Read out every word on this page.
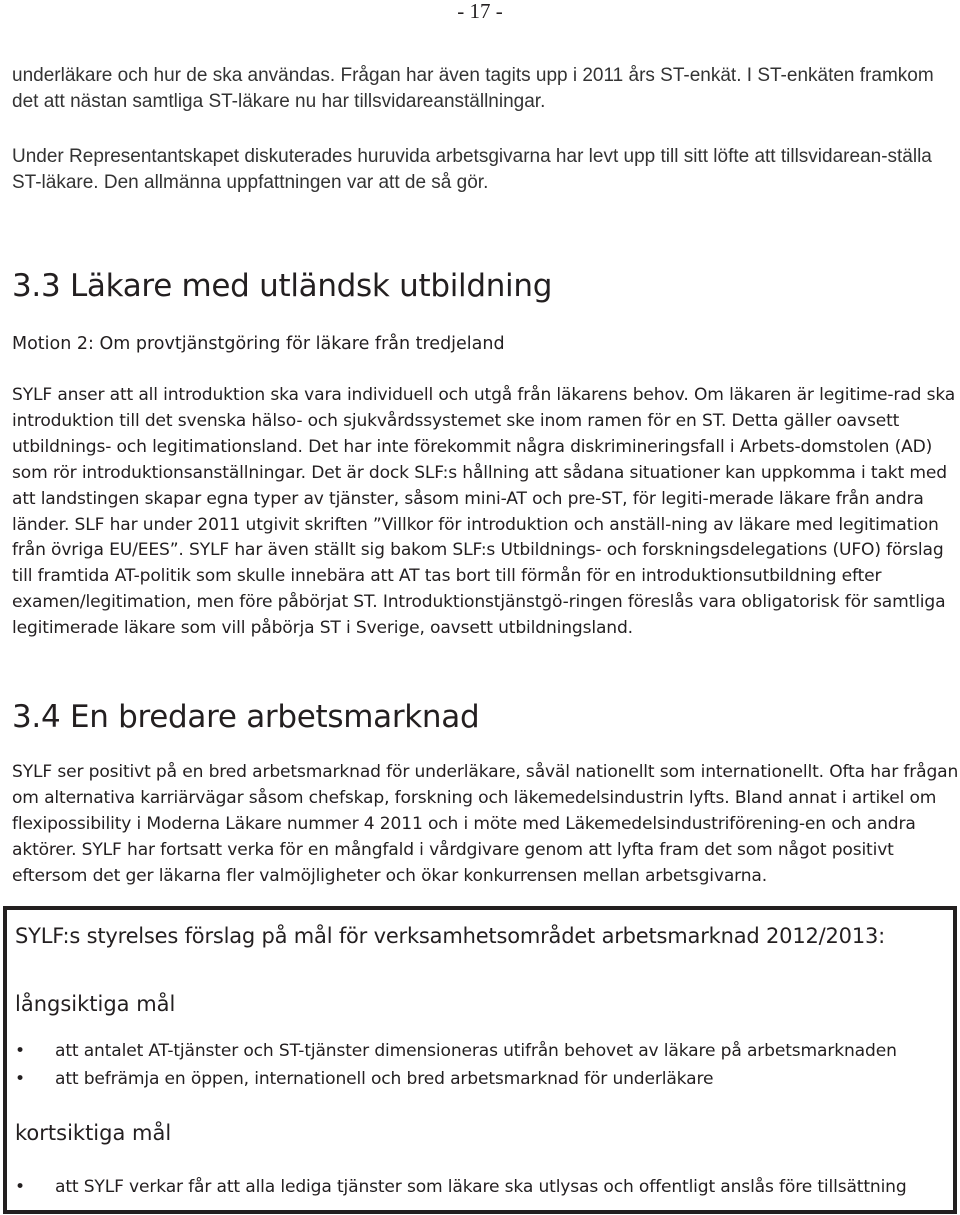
- 17 -

underläkare och hur de ska användas. Frågan har även tagits upp i 2011 års ST-enkät. I ST-enkäten framkom det att nästan samtliga ST-läkare nu har tillsvidareanställningar.

Under Representantskapet diskuterades huruvida arbetsgivarna har levt upp till sitt löfte att tillsvidarean-ställa ST-läkare. Den allmänna uppfattningen var att de så gör.

3.3 Läkare med utländsk utbildning

Motion 2: Om provtjänstgöring för läkare från tredjeland

SYLF anser att all introduktion ska vara individuell och utgå från läkarens behov. Om läkaren är legitime-rad ska introduktion till det svenska hälso- och sjukvårdssystemet ske inom ramen för en ST. Detta gäller oavsett utbildnings- och legitimationsland. Det har inte förekommit några diskrimineringsfall i Arbets-domstolen (AD) som rör introduktionsanställningar. Det är dock SLF:s hållning att sådana situationer kan uppkomma i takt med att landstingen skapar egna typer av tjänster, såsom mini-AT och pre-ST, för legiti-merade läkare från andra länder. SLF har under 2011 utgivit skriften ”Villkor för introduktion och anställ-ning av läkare med legitimation från övriga EU/EES”. SYLF har även ställt sig bakom SLF:s Utbildnings- och forskningsdelegations (UFO) förslag till framtida AT-politik som skulle innebära att AT tas bort till förmån för en introduktionsutbildning efter examen/legitimation, men före påbörjat ST. Introduktionstjänstgö-ringen föreslås vara obligatorisk för samtliga legitimerade läkare som vill påbörja ST i Sverige, oavsett utbildningsland.

3.4 En bredare arbetsmarknad

SYLF ser positivt på en bred arbetsmarknad för underläkare, såväl nationellt som internationellt. Ofta har frågan om alternativa karriärvägar såsom chefskap, forskning och läkemedelsindustrin lyfts. Bland annat i artikel om flexipossibility i Moderna Läkare nummer 4 2011 och i möte med Läkemedelsindustriförening-en och andra aktörer. SYLF har fortsatt verka för en mångfald i vårdgivare genom att lyfta fram det som något positivt eftersom det ger läkarna fler valmöjligheter och ökar konkurrensen mellan arbetsgivarna.

SYLF:s styrelses förslag på mål för verksamhetsområdet arbetsmarknad 2012/2013:
långsiktiga mål
• att antalet AT-tjänster och ST-tjänster dimensioneras utifrån behovet av läkare på arbetsmarknaden
• att befrämja en öppen, internationell och bred arbetsmarknad för underläkare
kortsiktiga mål
• att SYLF verkar får att alla lediga tjänster som läkare ska utlysas och offentligt anslås före tillsättning
